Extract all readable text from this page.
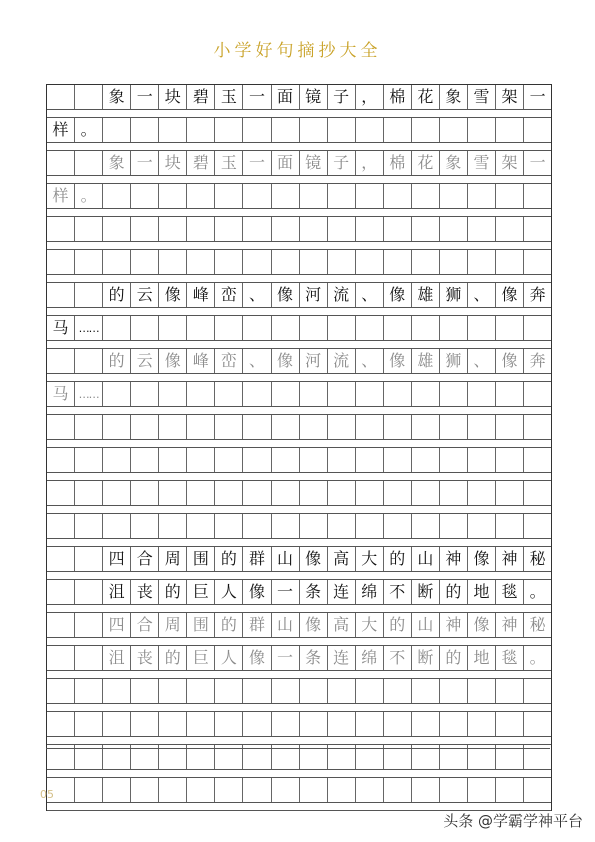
小学好句摘抄大全
象 一 块 碧 玉 一 面 镜 子 ， 棉 花 象 雪 架 一
样 。
象 一 块 碧 玉 一 面 镜 子 ， 棉 花 象 雪 架 一
样 。
的 云 像 峰 峦 、 像 河 流 、 像 雄 狮 、 像 奔
马 ……
的 云 像 峰 峦 、 像 河 流 、 像 雄 狮 、 像 奔
马 ……
四 合 周 围 的 群 山 像 高 大 的 山 神 像 神 秘
沮 丧 的 巨 人 像 一 条 连 绵 不 断 的 地 毯 。
四 合 周 围 的 群 山 像 高 大 的 山 神 像 神 秘
沮 丧 的 巨 人 像 一 条 连 绵 不 断 的 地 毯 。
05
头条 @学霸学神平台
